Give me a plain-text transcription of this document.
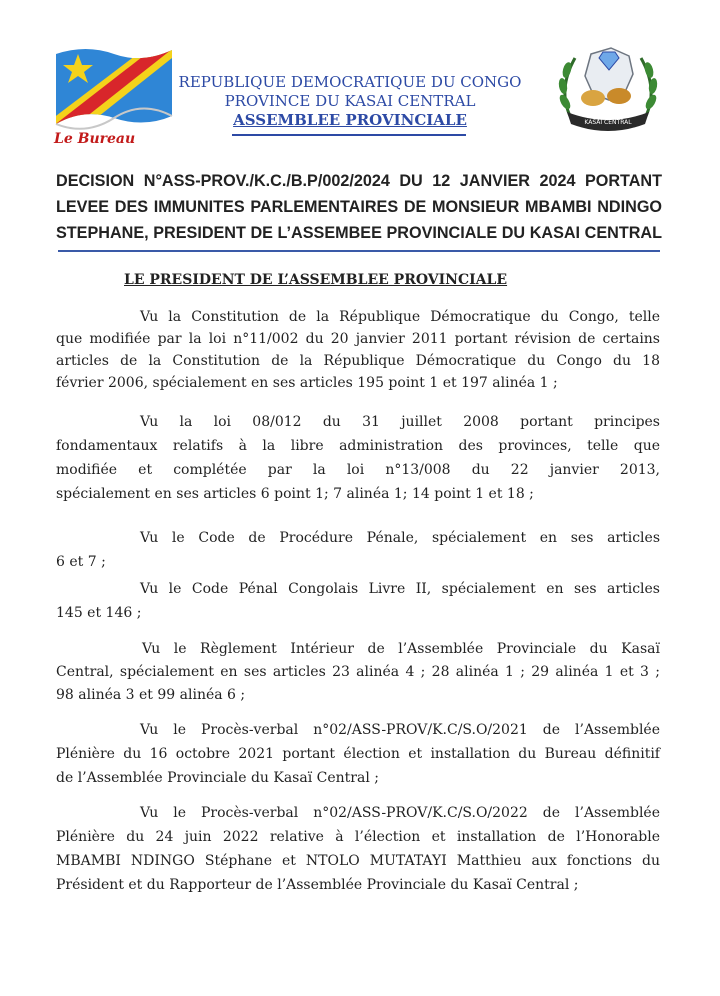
Le Bureau
REPUBLIQUE DEMOCRATIQUE DU CONGO
PROVINCE DU KASAI CENTRAL
ASSEMBLEE PROVINCIALE	KASAI CENTRAL
DECISION N°ASS-PROV./K.C./B.P/002/2024 DU 12 JANVIER 2024 PORTANT
LEVEE DES IMMUNITES PARLEMENTAIRES DE MONSIEUR MBAMBI NDINGO
STEPHANE, PRESIDENT DE L’ASSEMBEE PROVINCIALE DU KASAI CENTRAL
LE PRESIDENT DE L’ASSEMBLEE PROVINCIALE
Vu la Constitution de la République Démocratique du Congo, telle
que modifiée par la loi n°11/002 du 20 janvier 2011 portant révision de certains
articles de la Constitution de la République Démocratique du Congo du 18
février 2006, spécialement en ses articles 195 point 1 et 197 alinéa 1 ;
Vu la loi 08/012 du 31 juillet 2008 portant principes
fondamentaux relatifs à la libre administration des provinces, telle que
modifiée et complétée par la loi n°13/008 du 22 janvier 2013,
spécialement en ses articles 6 point 1; 7 alinéa 1; 14 point 1 et 18 ;
Vu le Code de Procédure Pénale, spécialement en ses articles
6 et 7 ;
Vu le Code Pénal Congolais Livre II, spécialement en ses articles
145 et 146 ;
Vu le Règlement Intérieur de l’Assemblée Provinciale du Kasaï
Central, spécialement en ses articles 23 alinéa 4 ; 28 alinéa 1 ; 29 alinéa 1 et 3 ;
98 alinéa 3 et 99 alinéa 6 ;
Vu le Procès-verbal n°02/ASS-PROV/K.C/S.O/2021 de l’Assemblée
Plénière du 16 octobre 2021 portant élection et installation du Bureau définitif
de l’Assemblée Provinciale du Kasaï Central ;
Vu le Procès-verbal n°02/ASS-PROV/K.C/S.O/2022 de l’Assemblée
Plénière du 24 juin 2022 relative à l’élection et installation de l’Honorable
MBAMBI NDINGO Stéphane et NTOLO MUTATAYI Matthieu aux fonctions du
Président et du Rapporteur de l’Assemblée Provinciale du Kasaï Central ;
